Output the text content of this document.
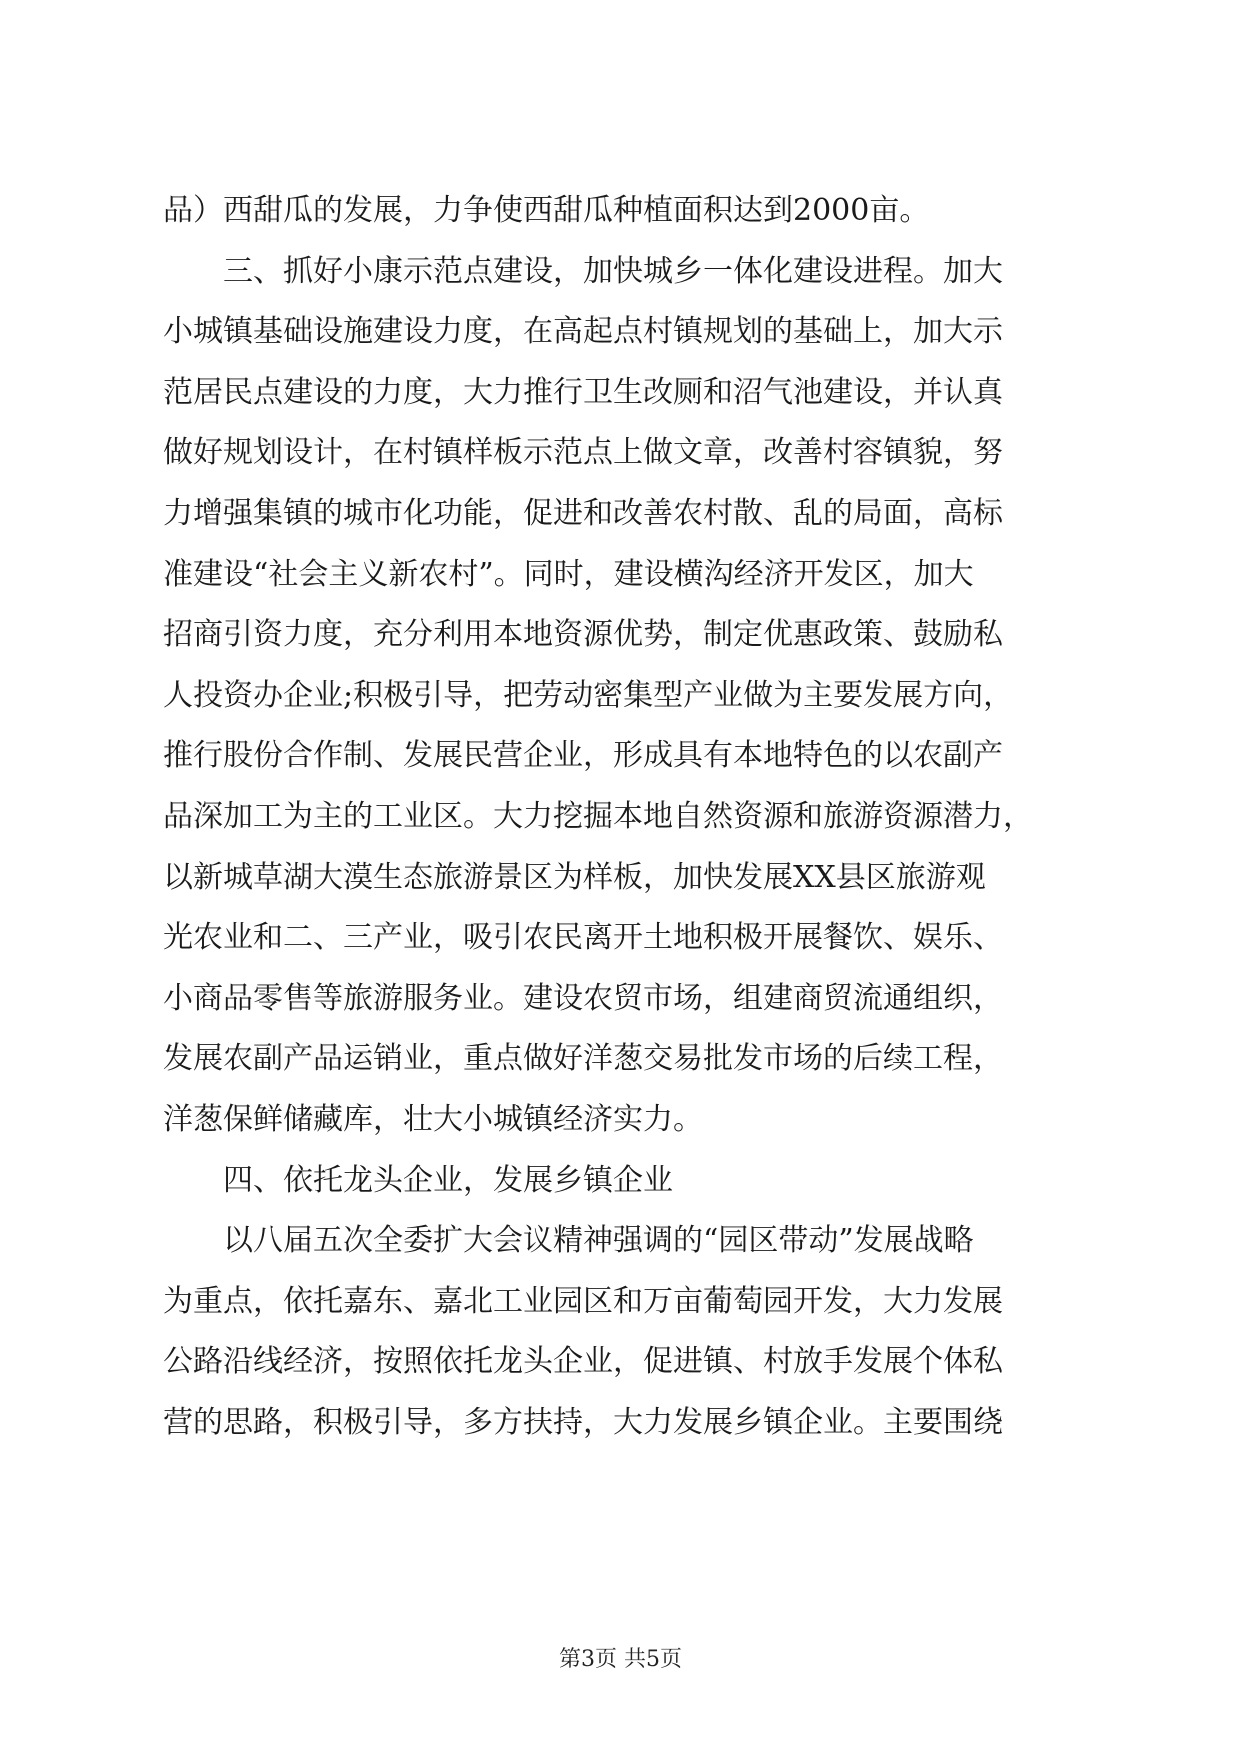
品）西甜瓜的发展，力争使西甜瓜种植面积达到2000亩。
　　三、抓好小康示范点建设，加快城乡一体化建设进程。加大
小城镇基础设施建设力度，在高起点村镇规划的基础上，加大示
范居民点建设的力度，大力推行卫生改厕和沼气池建设，并认真
做好规划设计，在村镇样板示范点上做文章，改善村容镇貌，努
力增强集镇的城市化功能，促进和改善农村散、乱的局面，高标
准建设“社会主义新农村”。同时，建设横沟经济开发区，加大
招商引资力度，充分利用本地资源优势，制定优惠政策、鼓励私
人投资办企业;积极引导，把劳动密集型产业做为主要发展方向，
推行股份合作制、发展民营企业，形成具有本地特色的以农副产
品深加工为主的工业区。大力挖掘本地自然资源和旅游资源潜力，
以新城草湖大漠生态旅游景区为样板，加快发展XX县区旅游观
光农业和二、三产业，吸引农民离开土地积极开展餐饮、娱乐、
小商品零售等旅游服务业。建设农贸市场，组建商贸流通组织，
发展农副产品运销业，重点做好洋葱交易批发市场的后续工程，
洋葱保鲜储藏库，壮大小城镇经济实力。
　　四、依托龙头企业，发展乡镇企业
　　以八届五次全委扩大会议精神强调的“园区带动”发展战略
为重点，依托嘉东、嘉北工业园区和万亩葡萄园开发，大力发展
公路沿线经济，按照依托龙头企业，促进镇、村放手发展个体私
第3页 共5页
营的思路，积极引导，多方扶持，大力发展乡镇企业。主要围绕
